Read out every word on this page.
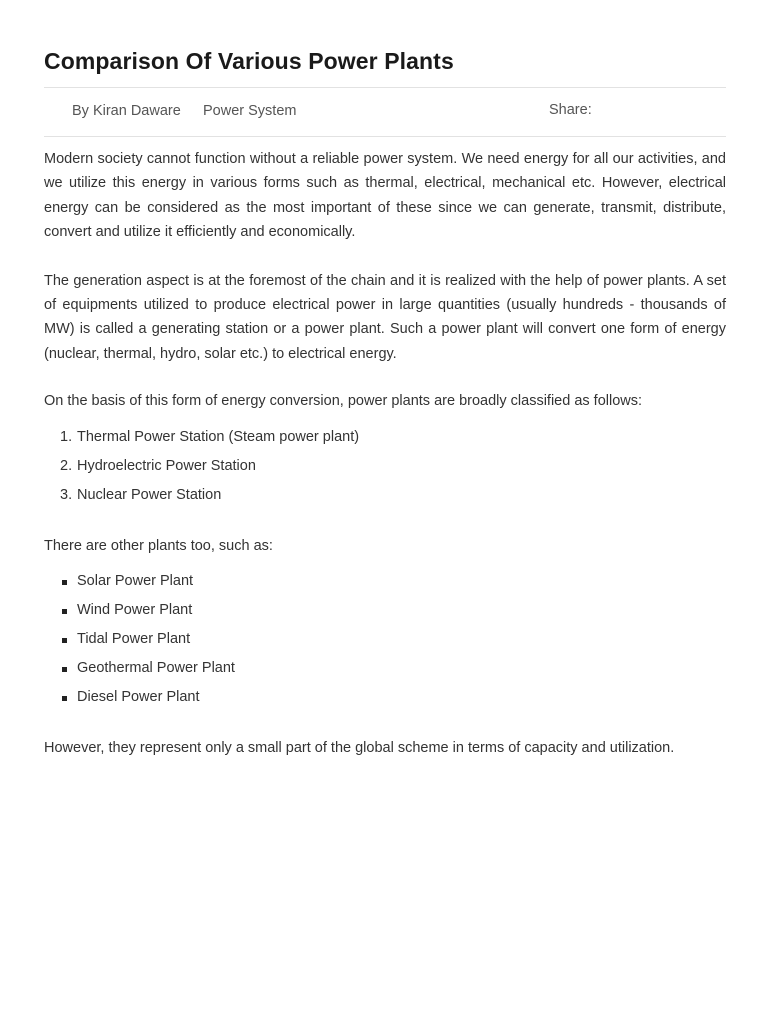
Comparison Of Various Power Plants
By Kiran Daware Power System	Share:

Modern society cannot function without a reliable power system. We need energy for all our activities, and we utilize this energy in various forms such as thermal, electrical, mechanical etc. However, electrical energy can be considered as the most important of these since we can generate, transmit, distribute, convert and utilize it efficiently and economically.

The generation aspect is at the foremost of the chain and it is realized with the help of power plants. A set of equipments utilized to produce electrical power in large quantities (usually hundreds - thousands of MW) is called a generating station or a power plant. Such a power plant will convert one form of energy (nuclear, thermal, hydro, solar etc.) to electrical energy.

On the basis of this form of energy conversion, power plants are broadly classified as follows:

1. Thermal Power Station (Steam power plant)
2. Hydroelectric Power Station
3. Nuclear Power Station

There are other plants too, such as:

Solar Power Plant
Wind Power Plant
Tidal Power Plant
Geothermal Power Plant
Diesel Power Plant

However, they represent only a small part of the global scheme in terms of capacity and utilization.
